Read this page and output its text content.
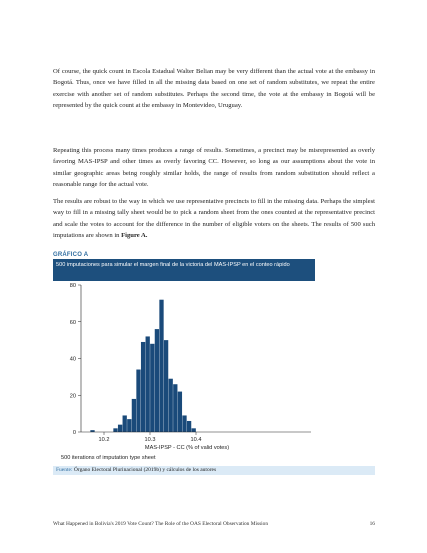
Of course, the quick count in Escola Estadual Walter Belian may be very different than the actual vote at the embassy in Bogotá. Thus, once we have filled in all the missing data based on one set of random substitutes, we repeat the entire exercise with another set of random substitutes. Perhaps the second time, the vote at the embassy in Bogotá will be represented by the quick count at the embassy in Montevideo, Uruguay.

Repeating this process many times produces a range of results. Sometimes, a precinct may be misrepresented as overly favoring MAS-IPSP and other times as overly favoring CC. However, so long as our assumptions about the vote in similar geographic areas being roughly similar holds, the range of results from random substitution should reflect a reasonable range for the actual vote.

The results are robust to the way in which we use representative precincts to fill in the missing data. Perhaps the simplest way to fill in a missing tally sheet would be to pick a random sheet from the ones counted at the representative precinct and scale the votes to account for the difference in the number of eligible voters on the sheets. The results of 500 such imputations are shown in Figure A.

GRÁFICO A
500 imputaciones para simular el margen final de la victoria del MAS-IPSP en el conteo rápido
0
20
40
60
80
10.2	10.3	10.4
MAS-IPSP - CC (% of valid votes)
500 iterations of imputation type sheet
Fuente: Órgano Electoral Plurinacional (2019b) y cálculos de los autores
What Happened in Bolivia's 2019 Vote Count? The Role of the OAS Electoral Observation Mission	16
